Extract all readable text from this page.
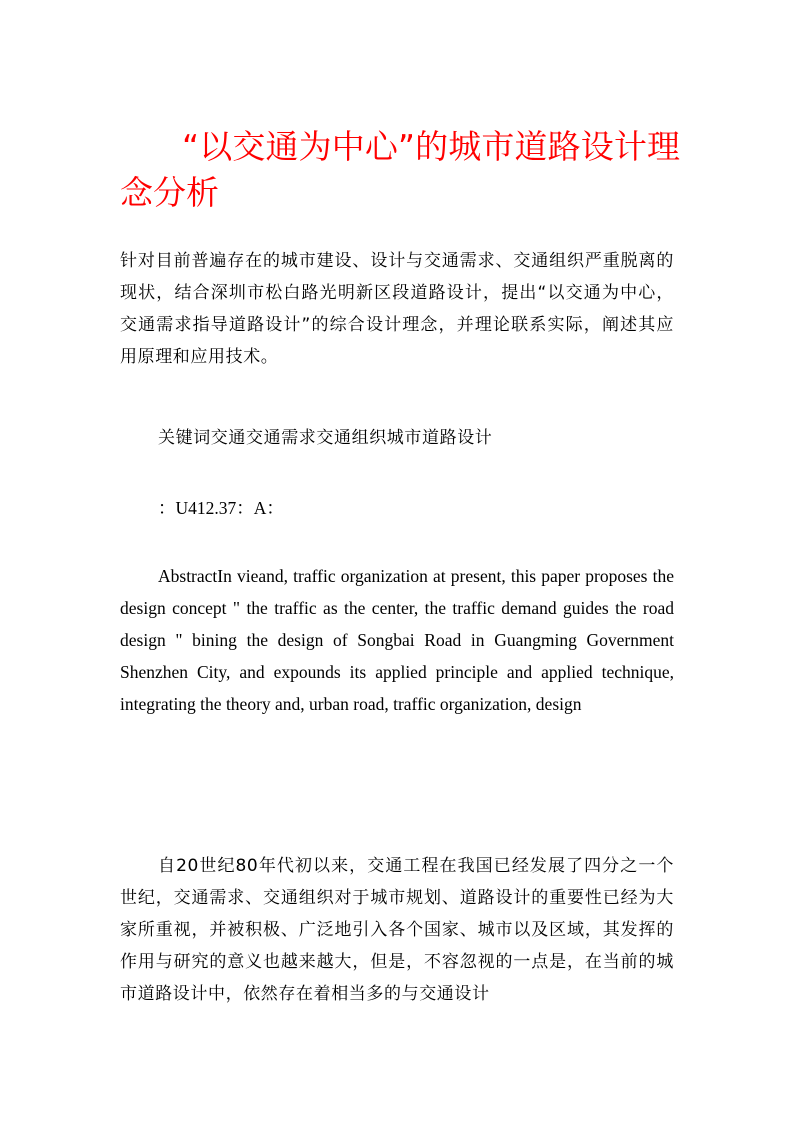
“以交通为中心”的城市道路设计理念分析

针对目前普遍存在的城市建设、设计与交通需求、交通组织严重脱离的现状，结合深圳市松白路光明新区段道路设计，提出“以交通为中心，交通需求指导道路设计”的综合设计理念，并理论联系实际，阐述其应用原理和应用技术。

关键词交通交通需求交通组织城市道路设计

：U412.37：A：

AbstractIn vieand, traffic organization at present, this paper proposes the design concept " the traffic as the center, the traffic demand guides the road design " bining the design of Songbai Road in Guangming Government Shenzhen City, and expounds its applied principle and applied technique, integrating the theory and, urban road, traffic organization, design

自20世纪80年代初以来，交通工程在我国已经发展了四分之一个世纪，交通需求、交通组织对于城市规划、道路设计的重要性已经为大家所重视，并被积极、广泛地引入各个国家、城市以及区域，其发挥的作用与研究的意义也越来越大，但是，不容忽视的一点是，在当前的城市道路设计中，依然存在着相当多的与交通设计
